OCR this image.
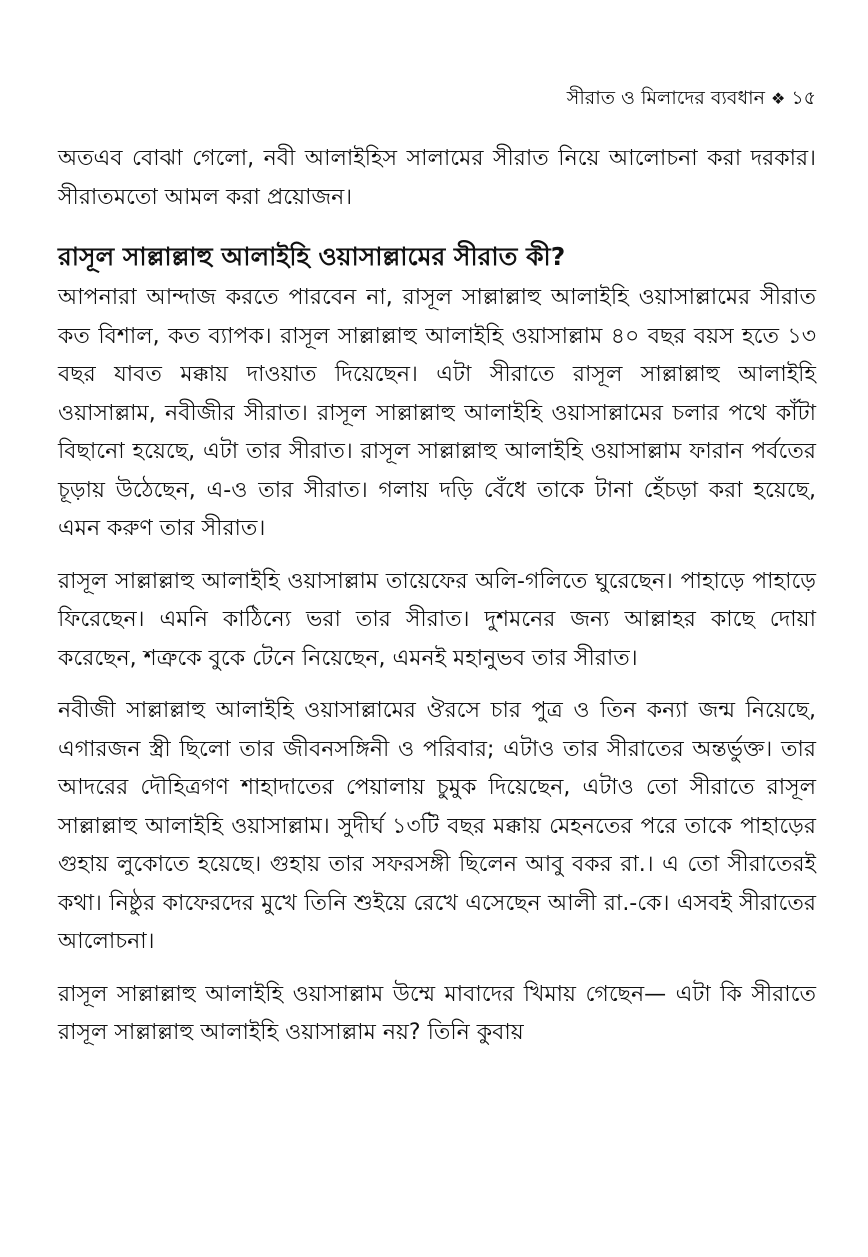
সীরাত ও মিলাদের ব্যবধান ❖ ১৫

অতএব বোঝা গেলো, নবী আলাইহিস সালামের সীরাত নিয়ে আলোচনা করা দরকার। সীরাতমতো আমল করা প্রয়োজন।

রাসূল সাল্লাল্লাহু আলাইহি ওয়াসাল্লামের সীরাত কী?

আপনারা আন্দাজ করতে পারবেন না, রাসূল সাল্লাল্লাহু আলাইহি ওয়াসাল্লামের সীরাত কত বিশাল, কত ব্যাপক। রাসূল সাল্লাল্লাহু আলাইহি ওয়াসাল্লাম ৪০ বছর বয়স হতে ১৩ বছর যাবত মক্কায় দাওয়াত দিয়েছেন। এটা সীরাতে রাসূল সাল্লাল্লাহু আলাইহি ওয়াসাল্লাম, নবীজীর সীরাত। রাসূল সাল্লাল্লাহু আলাইহি ওয়াসাল্লামের চলার পথে কাঁটা বিছানো হয়েছে, এটা তার সীরাত। রাসূল সাল্লাল্লাহু আলাইহি ওয়াসাল্লাম ফারান পর্বতের চূড়ায় উঠেছেন, এ-ও তার সীরাত। গলায় দড়ি বেঁধে তাকে টানা হেঁচড়া করা হয়েছে, এমন করুণ তার সীরাত।

রাসূল সাল্লাল্লাহু আলাইহি ওয়াসাল্লাম তায়েফের অলি-গলিতে ঘুরেছেন। পাহাড়ে পাহাড়ে ফিরেছেন। এমনি কাঠিন্যে ভরা তার সীরাত। দুশমনের জন্য আল্লাহর কাছে দোয়া করেছেন, শত্রুকে বুকে টেনে নিয়েছেন, এমনই মহানুভব তার সীরাত।

নবীজী সাল্লাল্লাহু আলাইহি ওয়াসাল্লামের ঔরসে চার পুত্র ও তিন কন্যা জন্ম নিয়েছে, এগারজন স্ত্রী ছিলো তার জীবনসঙ্গিনী ও পরিবার; এটাও তার সীরাতের অন্তর্ভুক্ত। তার আদরের দৌহিত্রগণ শাহাদাতের পেয়ালায় চুমুক দিয়েছেন, এটাও তো সীরাতে রাসূল সাল্লাল্লাহু আলাইহি ওয়াসাল্লাম। সুদীর্ঘ ১৩টি বছর মক্কায় মেহনতের পরে তাকে পাহাড়ের গুহায় লুকোতে হয়েছে। গুহায় তার সফরসঙ্গী ছিলেন আবু বকর রা.। এ তো সীরাতেরই কথা। নিষ্ঠুর কাফেরদের মুখে তিনি শুইয়ে রেখে এসেছেন আলী রা.-কে। এসবই সীরাতের আলোচনা।

রাসূল সাল্লাল্লাহু আলাইহি ওয়াসাল্লাম উম্মে মাবাদের খিমায় গেছেন— এটা কি সীরাতে রাসূল সাল্লাল্লাহু আলাইহি ওয়াসাল্লাম নয়? তিনি কুবায়
